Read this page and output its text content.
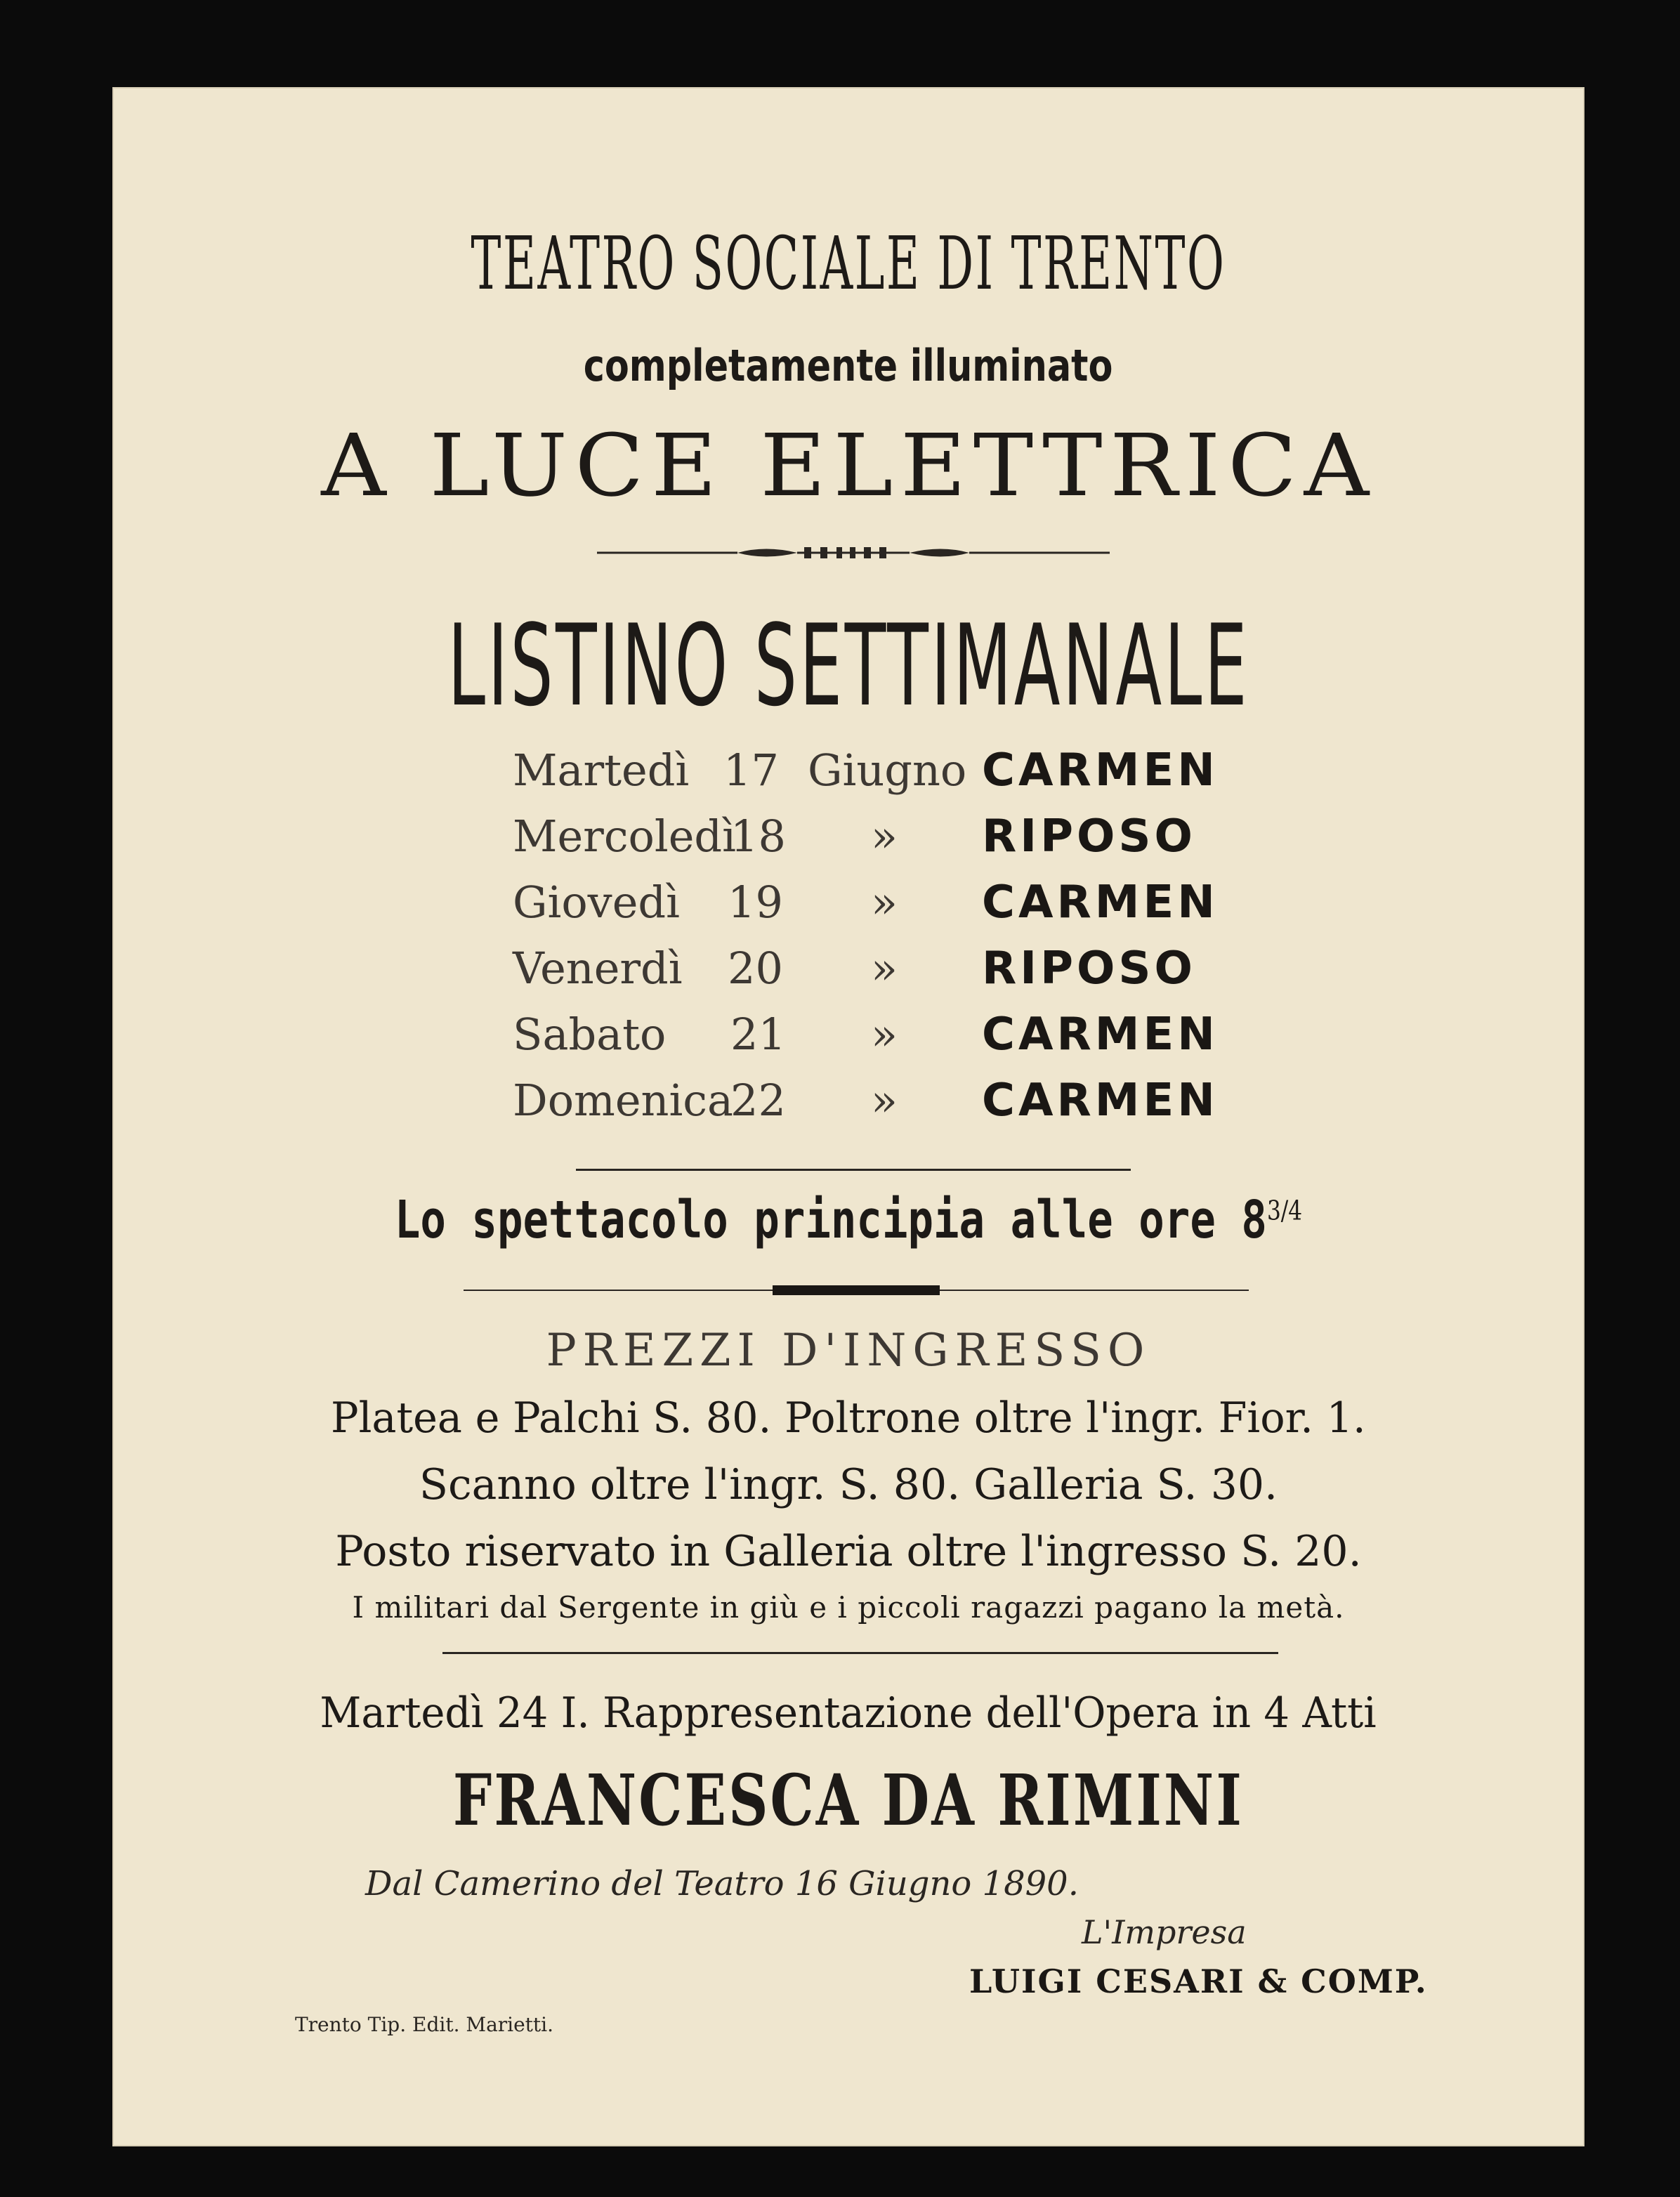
TEATRO SOCIALE DI TRENTO
completamente illuminato
A LUCE ELETTRICA
LISTINO SETTIMANALE
Martedì 17 Giugno CARMEN
Mercoledì
18 » RIPOSO
Giovedì 19 » CARMEN
Venerdì 20 » RIPOSO
Sabato 21 » CARMEN
Domenica
22 » CARMEN
Lo spettacolo principia alle ore $8^{3/4}$
PREZZI D'INGRESSO
Platea e Palchi S. 80. Poltrone oltre l'ingr. Fior. 1.
Scanno oltre l'ingr. S. 80. Galleria S. 30.
Posto riservato in Galleria oltre l'ingresso S. 20.
I militari dal Sergente in giù e i piccoli ragazzi pagano la metà.
Martedì 24 I. Rappresentazione dell'Opera in 4 Atti
FRANCESCA DA RIMINI
Dal Camerino del Teatro 16 Giugno 1890.
L'Impresa
LUIGI CESARI & COMP.
Trento Tip. Edit. Marietti.
